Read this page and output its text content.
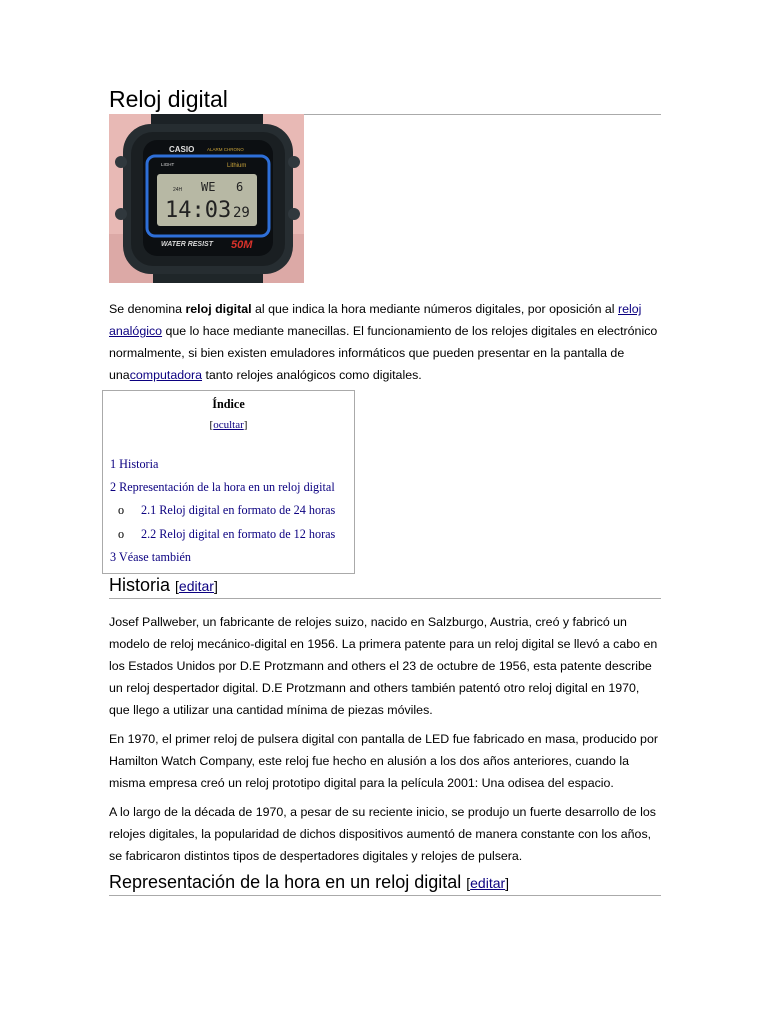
Reloj digital
CASIO	ALARM CHRONO
LIGHT	Lithium
24H WE 6
14:03 29
WATER RESIST 50M

Se denomina reloj digital al que indica la hora mediante números digitales, por oposición al reloj analógico que lo hace mediante manecillas. El funcionamiento de los relojes digitales en electrónico normalmente, si bien existen emuladores informáticos que pueden presentar en la pantalla de unacomputadora tanto relojes analógicos como digitales.

Índice
[ocultar]
1 Historia
2 Representación de la hora en un reloj digital
o 2.1 Reloj digital en formato de 24 horas
o 2.2 Reloj digital en formato de 12 horas
3 Véase también
Historia [editar]

Josef Pallweber, un fabricante de relojes suizo, nacido en Salzburgo, Austria, creó y fabricó un modelo de reloj mecánico-digital en 1956. La primera patente para un reloj digital se llevó a cabo en los Estados Unidos por D.E Protzmann and others el 23 de octubre de 1956, esta patente describe un reloj despertador digital. D.E Protzmann and others también patentó otro reloj digital en 1970, que llego a utilizar una cantidad mínima de piezas móviles.

En 1970, el primer reloj de pulsera digital con pantalla de LED fue fabricado en masa, producido por Hamilton Watch Company, este reloj fue hecho en alusión a los dos años anteriores, cuando la misma empresa creó un reloj prototipo digital para la película 2001: Una odisea del espacio.

A lo largo de la década de 1970, a pesar de su reciente inicio, se produjo un fuerte desarrollo de los relojes digitales, la popularidad de dichos dispositivos aumentó de manera constante con los años, se fabricaron distintos tipos de despertadores digitales y relojes de pulsera.

Representación de la hora en un reloj digital [editar]
